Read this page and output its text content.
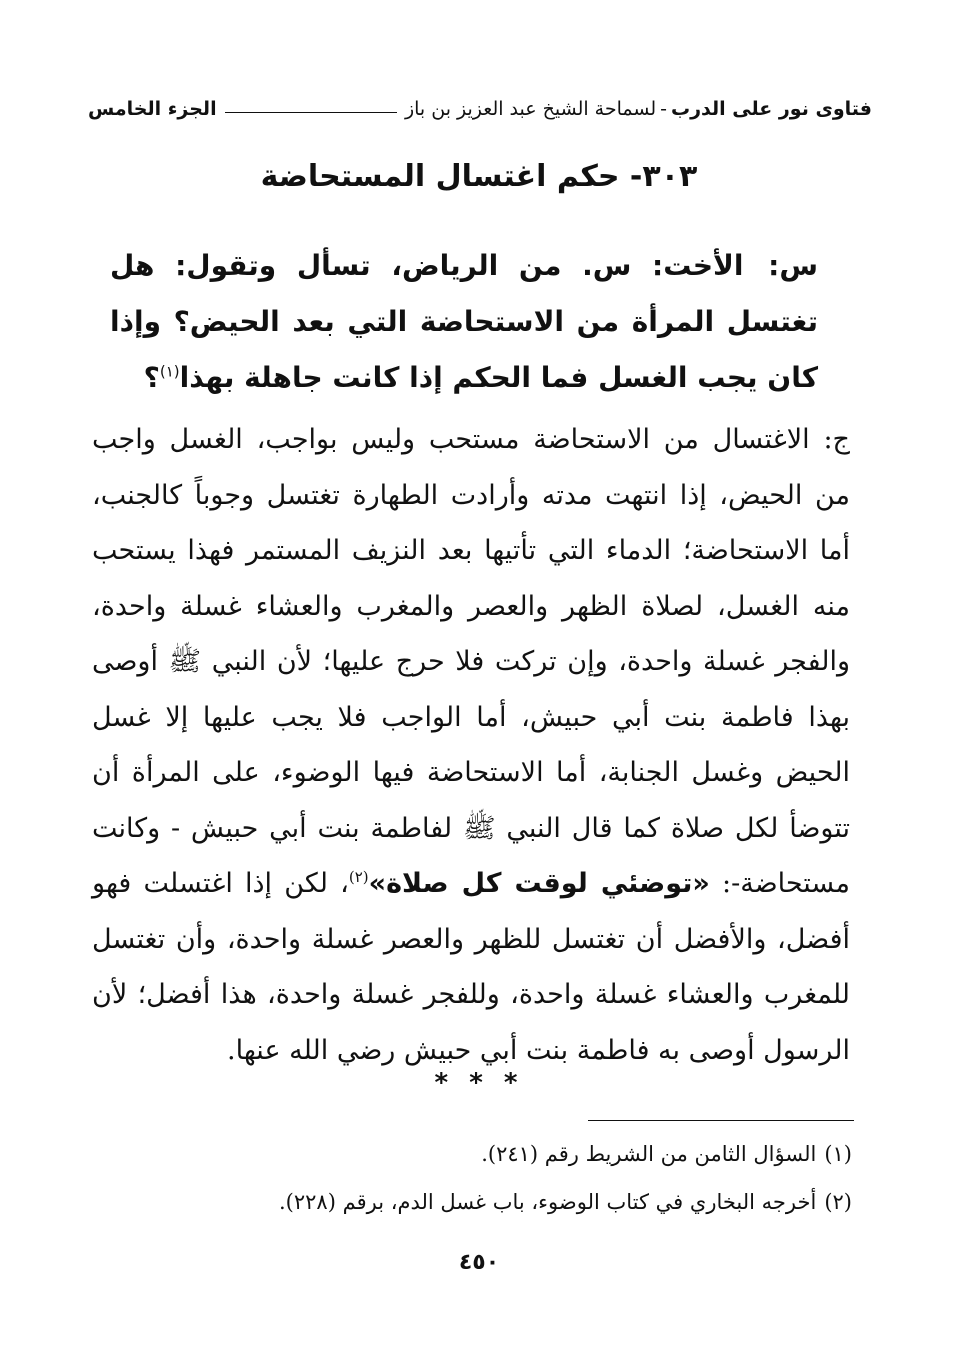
فتاوى نور على الدرب
-
لسماحة الشيخ عبد العزيز بن باز
الجزء الخامس
٣٠٣- حكم اغتسال المستحاضة
س: الأخت: س. من الرياض، تسأل وتقول: هل تغتسل المرأة من الاستحاضة التي بعد الحيض؟ وإذا كان يجب الغسل فما الحكم إذا كانت جاهلة بهذا$^{(١)}$؟
ج: الاغتسال من الاستحاضة مستحب وليس بواجب، الغسل واجب من الحيض، إذا انتهت مدته وأرادت الطهارة تغتسل وجوباً كالجنب، أما الاستحاضة؛ الدماء التي تأتيها بعد النزيف المستمر فهذا يستحب منه الغسل، لصلاة الظهر والعصر والمغرب والعشاء غسلة واحدة، والفجر غسلة واحدة، وإن تركت فلا حرج عليها؛ لأن النبي ﷺ أوصى بهذا فاطمة بنت أبي حبيش، أما الواجب فلا يجب عليها إلا غسل الحيض وغسل الجنابة، أما الاستحاضة فيها الوضوء، على المرأة أن تتوضأ لكل صلاة كما قال النبي ﷺ لفاطمة بنت أبي حبيش - وكانت مستحاضة-: «توضئي لوقت كل صلاة»$^{(٢)}$، لكن إذا اغتسلت فهو أفضل، والأفضل أن تغتسل للظهر والعصر غسلة واحدة، وأن تغتسل للمغرب والعشاء غسلة واحدة، وللفجر غسلة واحدة، هذا أفضل؛ لأن الرسول أوصى به فاطمة بنت أبي حبيش رضي الله عنها.
* * *
(١)السؤال الثامن من الشريط رقم (٢٤١).
(٢)أخرجه البخاري في كتاب الوضوء، باب غسل الدم، برقم (٢٢٨).
٤٥٠
